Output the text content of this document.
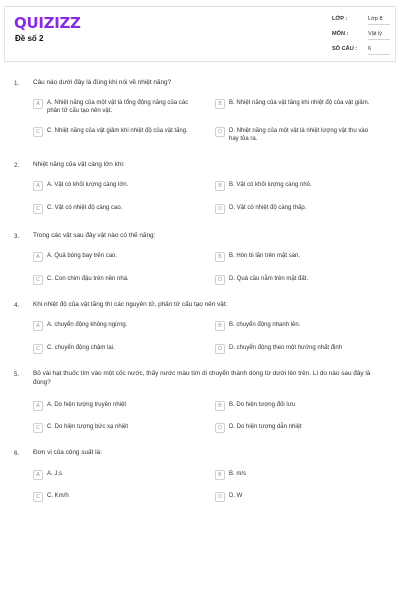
QUIZIZZ
Đề số 2
LỚP :	Lớp 8
MÔN :	Vật lý
SỐ CÂU : 6
1. Câu nào dưới đây là đúng khi nói về nhiệt năng?
A	A. Nhiệt năng của một vật là tổng động năng của các phân tử cấu tạo nên vật.
B	B. Nhiệt năng của vật tăng khi nhiệt độ của vật giảm.
C	C. Nhiệt năng của vật giảm khi nhiệt độ của vật tăng.	D	D. Nhiệt năng của một vật là nhiệt lượng vật thu vào hay tỏa ra.
2. Nhiệt năng của vật càng lớn khi:
A	A. Vật có khối lượng càng lớn.	B	B. Vật có khối lượng càng nhỏ.
C	C. Vật có nhiệt độ càng cao.	D	D. Vật có nhiệt độ càng thấp.
3. Trong các vật sau đây vật nào có thế năng:
A	A. Quả bóng bay trên cao.	B	B. Hòn bi lăn trên mặt sàn.
C	C. Con chim đậu trên nền nhà.	D	D. Quả cầu nằm trên mặt đất.
4. Khi nhiệt độ của vật tăng thì các nguyên tử, phân tử cấu tạo nên vật:
A	A. chuyển động không ngừng.	B	B. chuyển động nhanh lên.
C	C. chuyển động chậm lại.	D	D. chuyển động theo một hướng nhất định
5. Bỏ vài hạt thuốc tím vào một cốc nước, thấy nước màu tím di chuyển thành dòng từ dưới lên trên. Lí do nào sau đây là đúng?
A	A. Do hiện tượng truyền nhiệt	B	B. Do hiện tượng đối lưu
C	C. Do hiện tượng bức xạ nhiệt	D	D. Do hiện tượng dẫn nhiệt
6. Đơn vị của công suất là:
A	A. J.s	B	B. m/s
C	C. Km/h	D	D. W
